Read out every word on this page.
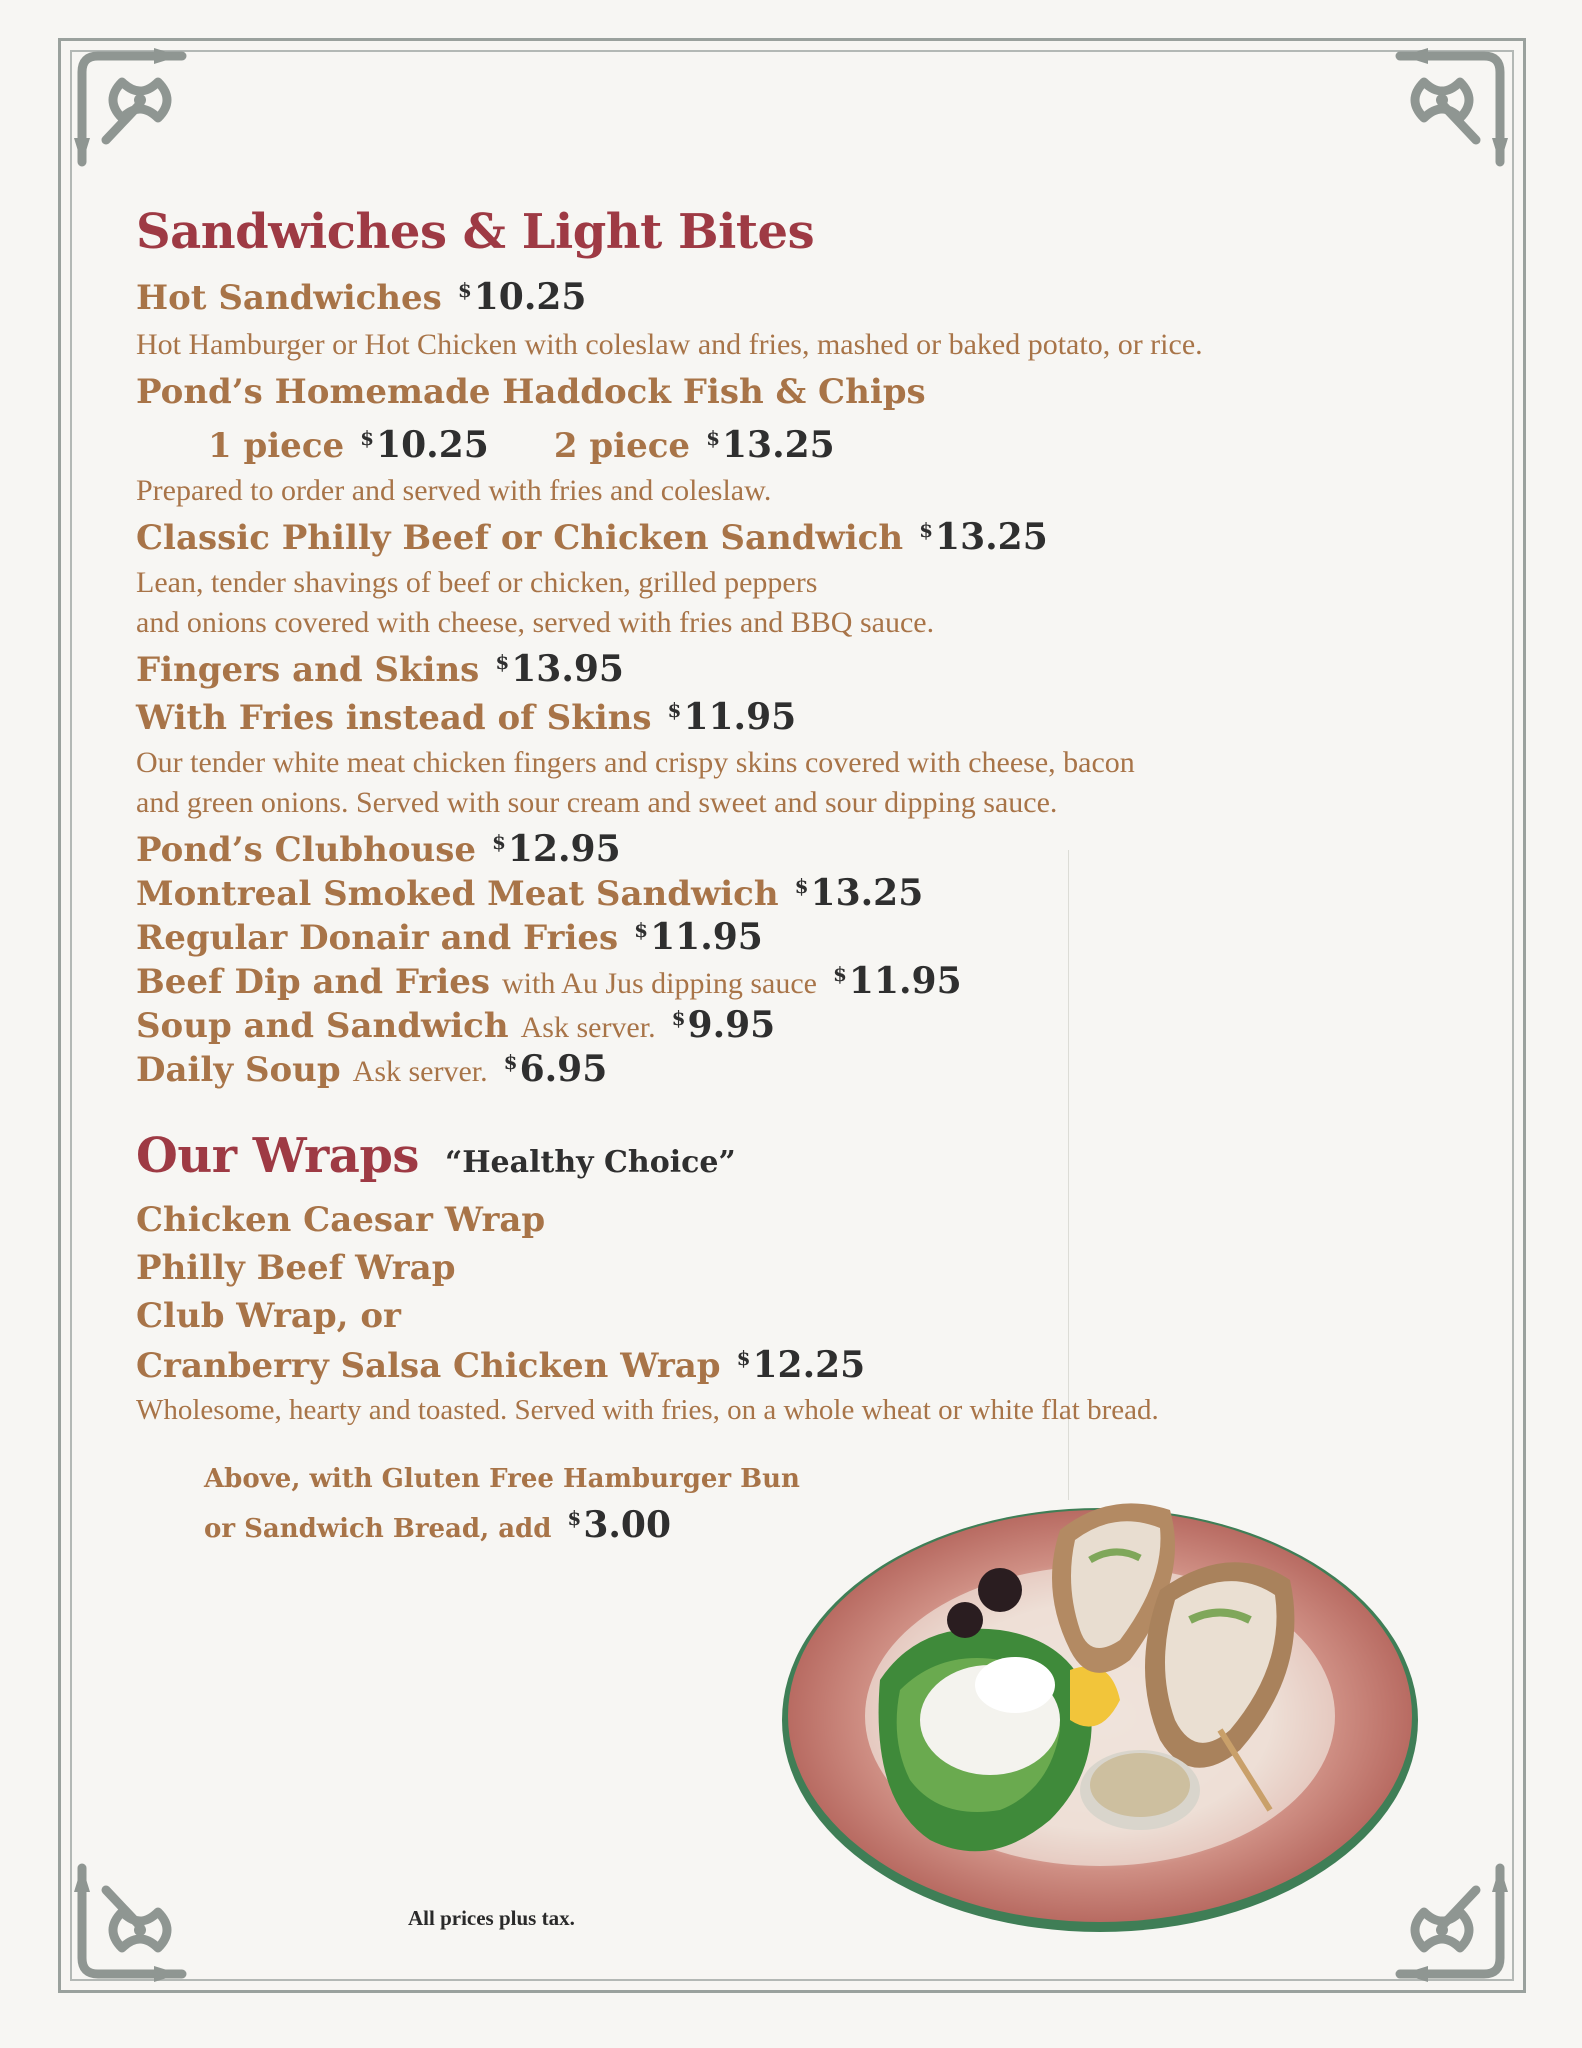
Sandwiches & Light Bites
Hot Sandwiches $10.25
Hot Hamburger or Hot Chicken with coleslaw and fries, mashed or baked potato, or rice.
Pond’s Homemade Haddock Fish & Chips
1 piece $10.25 2 piece $13.25
Prepared to order and served with fries and coleslaw.
Classic Philly Beef or Chicken Sandwich $13.25
Lean, tender shavings of beef or chicken, grilled peppers
and onions covered with cheese, served with fries and BBQ sauce.
Fingers and Skins $13.95
With Fries instead of Skins $11.95
Our tender white meat chicken fingers and crispy skins covered with cheese, bacon
and green onions. Served with sour cream and sweet and sour dipping sauce.
Pond’s Clubhouse $12.95
Montreal Smoked Meat Sandwich $13.25
Regular Donair and Fries $11.95
Beef Dip and Fries with Au Jus dipping sauce $11.95
Soup and Sandwich Ask server. $9.95
Daily Soup Ask server. $6.95
Our Wraps “Healthy Choice”
Chicken Caesar Wrap
Philly Beef Wrap
Club Wrap, or
Cranberry Salsa Chicken Wrap $12.25
Wholesome, hearty and toasted. Served with fries, on a whole wheat or white flat bread.
Above, with Gluten Free Hamburger Bun
or Sandwich Bread, add $3.00
All prices plus tax.
